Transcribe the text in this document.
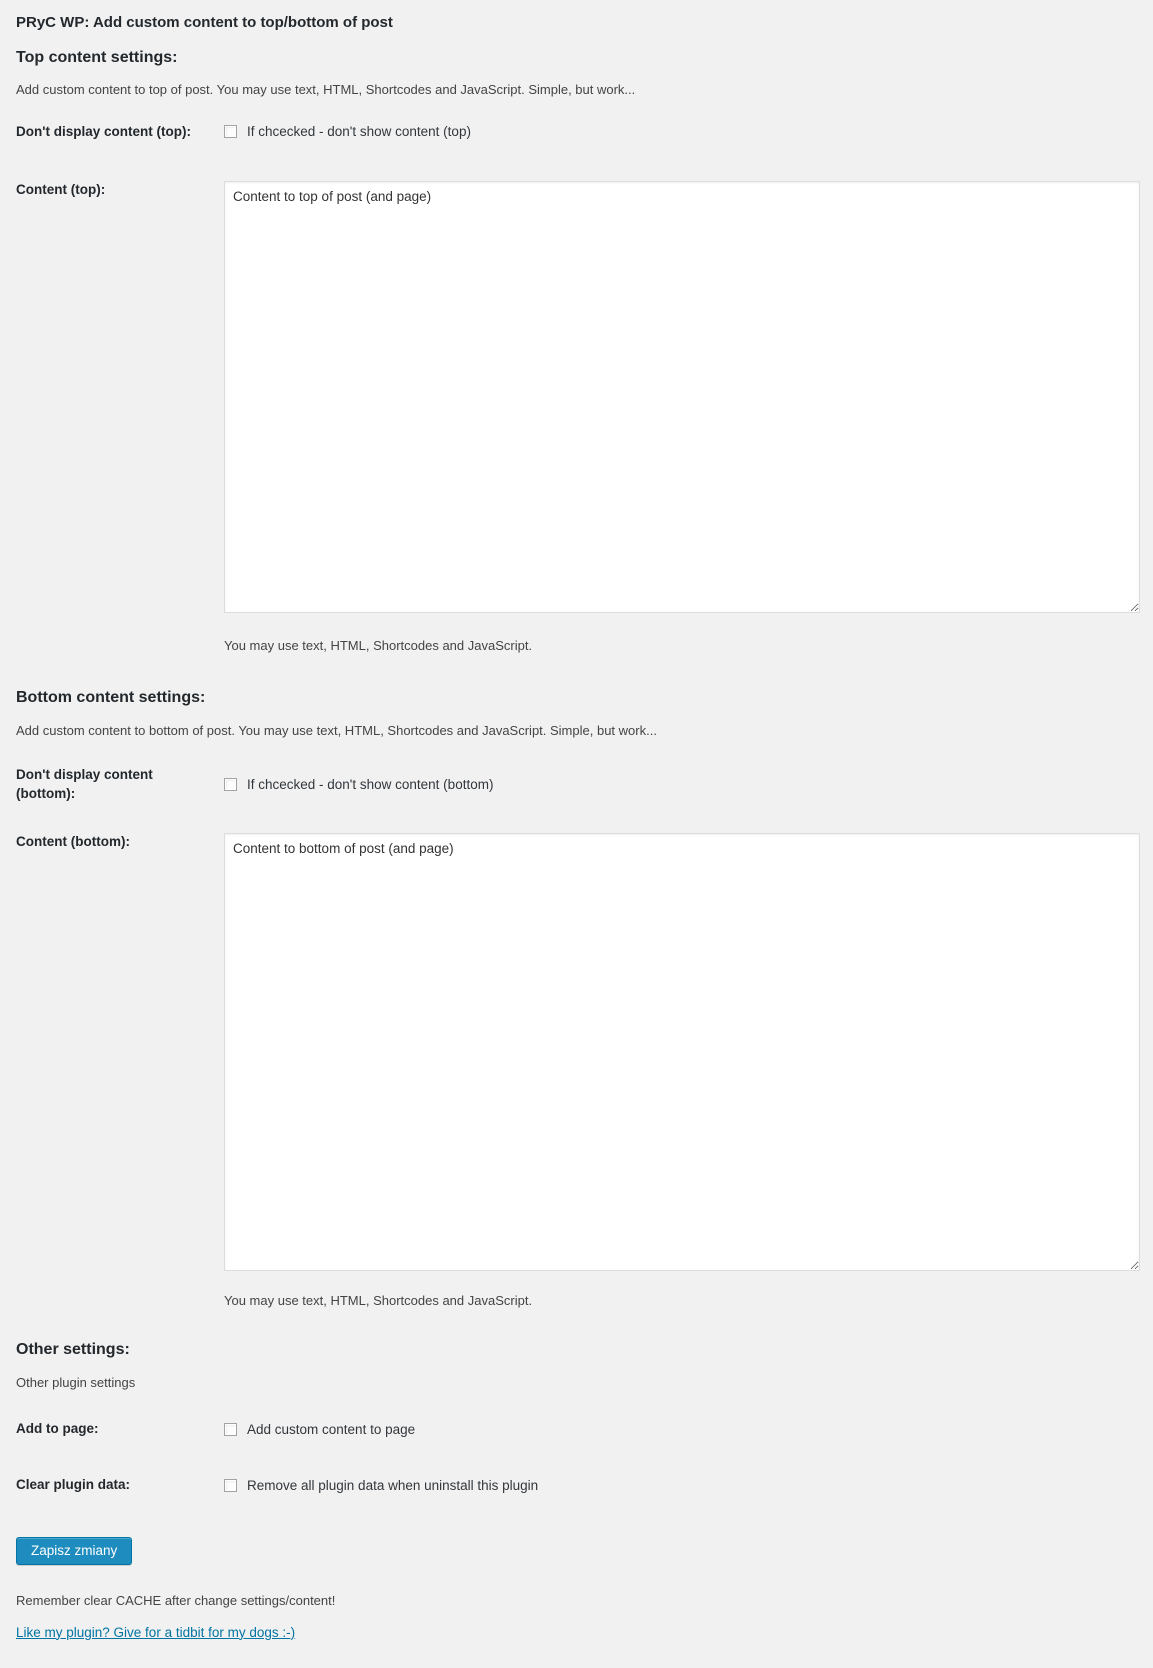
PRyC WP: Add custom content to top/bottom of post
Top content settings:

Add custom content to top of post. You may use text, HTML, Shortcodes and JavaScript. Simple, but work...

Don't display content (top):	If chcecked - don't show content (top)
Content (top):
Content to top of post (and page)

You may use text, HTML, Shortcodes and JavaScript.

Bottom content settings:

Add custom content to bottom of post. You may use text, HTML, Shortcodes and JavaScript. Simple, but work...

Don't display content (bottom):
If chcecked - don't show content (bottom)
Content (bottom):
Content to bottom of post (and page)

You may use text, HTML, Shortcodes and JavaScript.

Other settings:

Other plugin settings

Add to page:	Add custom content to page
Clear plugin data:	Remove all plugin data when uninstall this plugin
Zapisz zmiany

Remember clear CACHE after change settings/content!

Like my plugin? Give for a tidbit for my dogs :-)
